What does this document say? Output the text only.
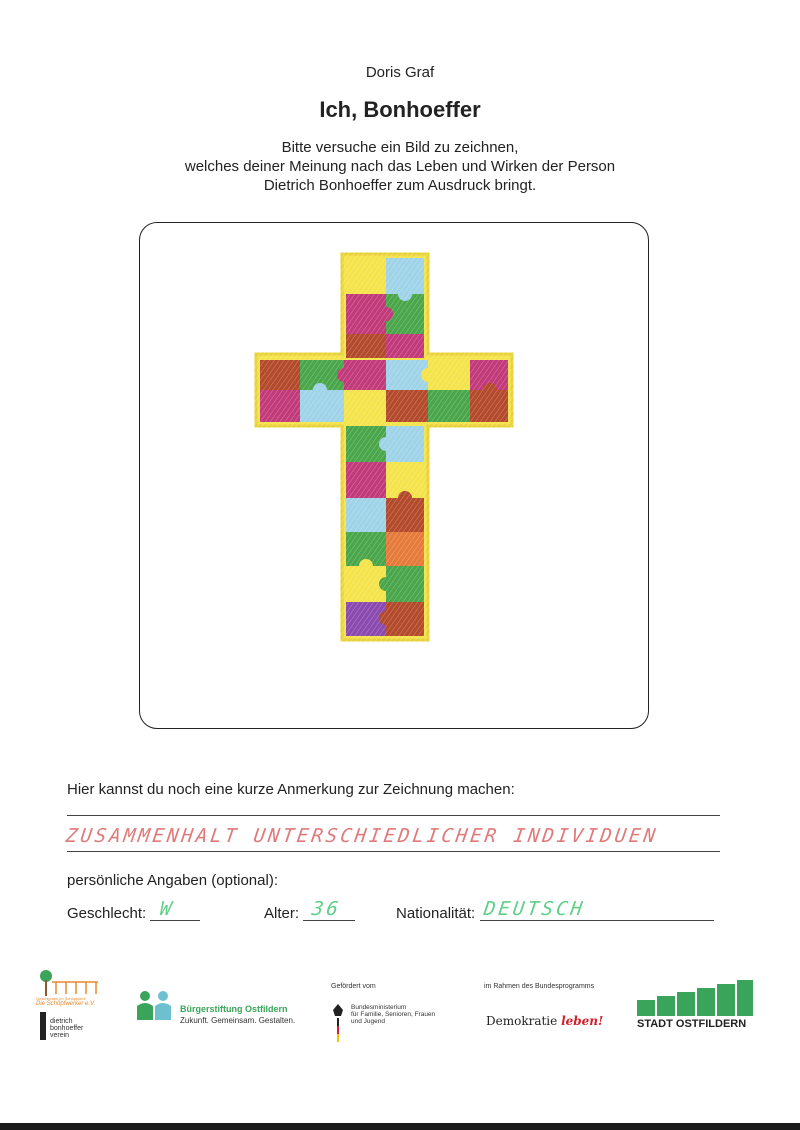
Doris Graf
Ich, Bonhoeffer
Bitte versuche ein Bild zu zeichnen,
welches deiner Meinung nach das Leben und Wirken der Person
Dietrich Bonhoeffer zum Ausdruck bringt.
Hier kannst du noch eine kurze Anmerkung zur Zeichnung machen:
ZUSAMMENHALT UNTERSCHIEDLICHER INDIVIDUEN
persönliche Angaben (optional):
Geschlecht: W	Alter: 36	Nationalität: DEUTSCH
Geschichten im Schöpfwerk
Die Schöpfwerker e.V.
dietrich
bonhoeffer
verein
Bürgerstiftung Ostfildern
Zukunft. Gemeinsam. Gestalten.
Gefördert vom
Bundesministerium
für Familie, Senioren, Frauen
und Jugend
im Rahmen des Bundesprogramms
Demokratie leben!	STADT OSTFILDERN
